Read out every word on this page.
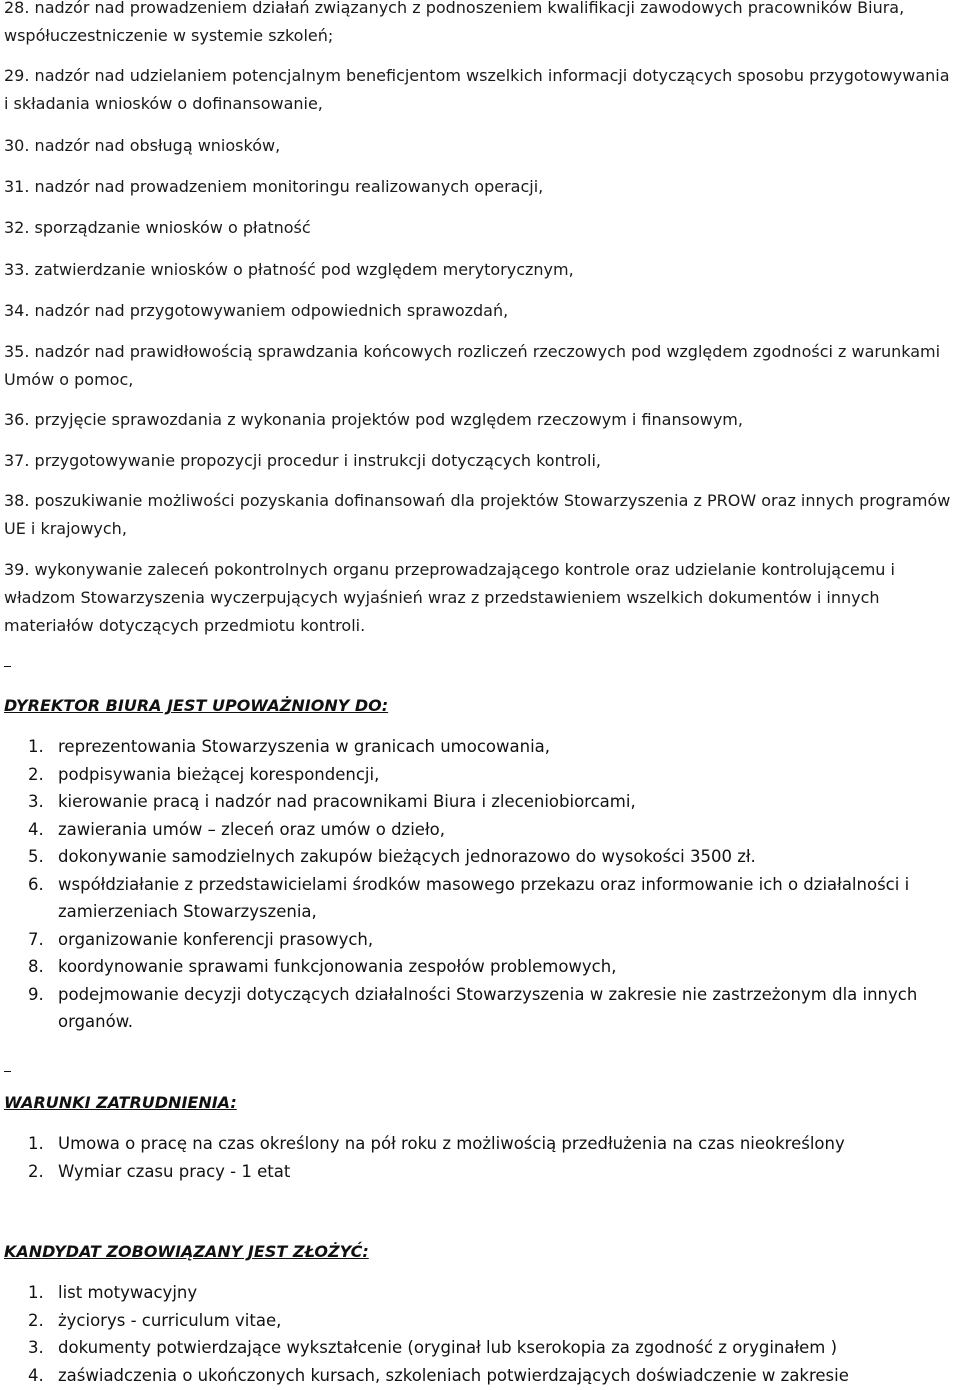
28. nadzór nad prowadzeniem działań związanych z podnoszeniem kwalifikacji zawodowych pracowników Biura, współuczestniczenie w systemie szkoleń;

29. nadzór nad udzielaniem potencjalnym beneficjentom wszelkich informacji dotyczących sposobu przygotowywania i składania wniosków o dofinansowanie,

30. nadzór nad obsługą wniosków,

31. nadzór nad prowadzeniem monitoringu realizowanych operacji,

32. sporządzanie wniosków o płatność

33. zatwierdzanie wniosków o płatność pod względem merytorycznym,

34. nadzór nad przygotowywaniem odpowiednich sprawozdań,

35. nadzór nad prawidłowością sprawdzania końcowych rozliczeń rzeczowych pod względem zgodności z warunkami Umów o pomoc,

36. przyjęcie sprawozdania z wykonania projektów pod względem rzeczowym i finansowym,

37. przygotowywanie propozycji procedur i instrukcji dotyczących kontroli,

38. poszukiwanie możliwości pozyskania dofinansowań dla projektów Stowarzyszenia z PROW oraz innych programów UE i krajowych,

39. wykonywanie zaleceń pokontrolnych organu przeprowadzającego kontrole oraz udzielanie kontrolującemu i władzom Stowarzyszenia wyczerpujących wyjaśnień wraz z przedstawieniem wszelkich dokumentów i innych materiałów dotyczących przedmiotu kontroli.

DYREKTOR BIURA JEST UPOWAŻNIONY DO:
1. reprezentowania Stowarzyszenia w granicach umocowania,
2. podpisywania bieżącej korespondencji,
3. kierowanie pracą i nadzór nad pracownikami Biura i zleceniobiorcami,
4. zawierania umów – zleceń oraz umów o dzieło,
5. dokonywanie samodzielnych zakupów bieżących jednorazowo do wysokości 3500 zł.
6. współdziałanie z przedstawicielami środków masowego przekazu oraz informowanie ich o działalności i zamierzeniach Stowarzyszenia,
7. organizowanie konferencji prasowych,
8. koordynowanie sprawami funkcjonowania zespołów problemowych,
9. podejmowanie decyzji dotyczących działalności Stowarzyszenia w zakresie nie zastrzeżonym dla innych organów.
WARUNKI ZATRUDNIENIA:
1. Umowa o pracę na czas określony na pół roku z możliwością przedłużenia na czas nieokreślony
2. Wymiar czasu pracy - 1 etat
KANDYDAT ZOBOWIĄZANY JEST ZŁOŻYĆ:
1. list motywacyjny
2. życiorys - curriculum vitae,
3. dokumenty potwierdzające wykształcenie (oryginał lub kserokopia za zgodność z oryginałem )
4. zaświadczenia o ukończonych kursach, szkoleniach potwierdzających doświadczenie w zakresie
